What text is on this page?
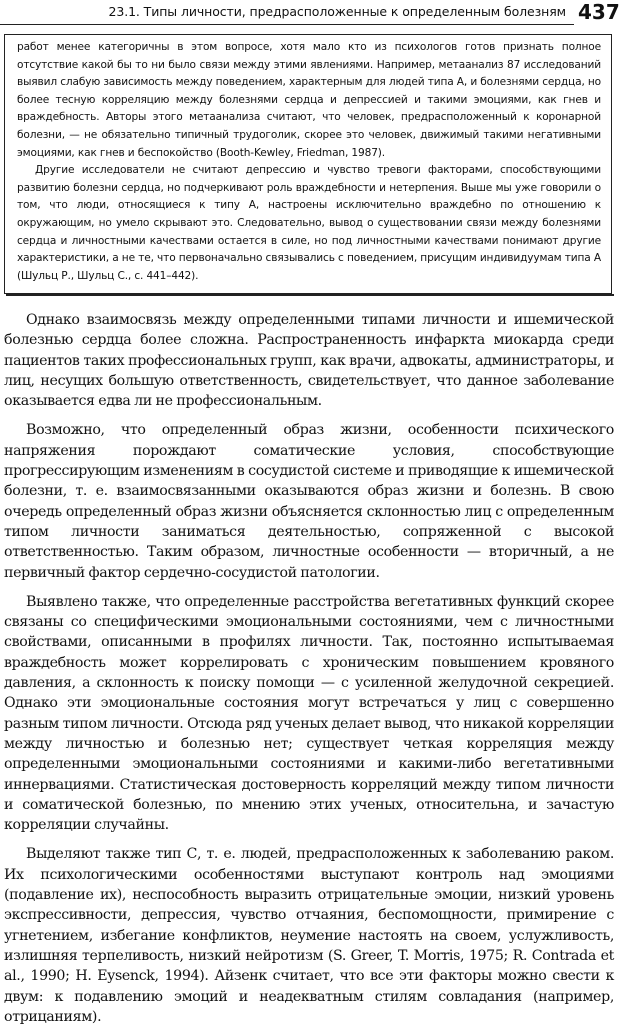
23.1. Типы личности, предрасположенные к определенным болезням 437

работ менее категоричны в этом вопросе, хотя мало кто из психологов готов признать полное отсутствие какой бы то ни было связи между этими явлениями. Например, метаанализ 87 исследований выявил слабую зависимость между поведением, характерным для людей типа А, и болезнями сердца, но более тесную корреляцию между болезнями сердца и депрессией и такими эмоциями, как гнев и враждебность. Авторы этого метаанализа считают, что человек, предрасположенный к коронарной болезни, — не обязательно типичный трудоголик, скорее это человек, движимый такими негативными эмоциями, как гнев и беспокойство (Booth-Kewley, Friedman, 1987).

Другие исследователи не считают депрессию и чувство тревоги факторами, способствующими развитию болезни сердца, но подчеркивают роль враждебности и нетерпения. Выше мы уже говорили о том, что люди, относящиеся к типу А, настроены исключительно враждебно по отношению к окружающим, но умело скрывают это. Следовательно, вывод о существовании связи между болезнями сердца и личностными качествами остается в силе, но под личностными качествами понимают другие характеристики, а не те, что первоначально связывались с поведением, присущим индивидуумам типа А (Шульц Р., Шульц С., с. 441–442).

Однако взаимосвязь между определенными типами личности и ишемической болезнью сердца более сложна. Распространенность инфаркта миокарда среди пациентов таких профессиональных групп, как врачи, адвокаты, администраторы, и лиц, несущих большую ответственность, свидетельствует, что данное заболевание оказывается едва ли не профессиональным.

Возможно, что определенный образ жизни, особенности психического напряжения порождают соматические условия, способствующие прогрессирующим изменениям в сосудистой системе и приводящие к ишемической болезни, т. е. взаимосвязанными оказываются образ жизни и болезнь. В свою очередь определенный образ жизни объясняется склонностью лиц с определенным типом личности заниматься деятельностью, сопряженной с высокой ответственностью. Таким образом, личностные особенности — вторичный, а не первичный фактор сердечно-сосудистой патологии.

Выявлено также, что определенные расстройства вегетативных функций скорее связаны со специфическими эмоциональными состояниями, чем с личностными свойствами, описанными в профилях личности. Так, постоянно испытываемая враждебность может коррелировать с хроническим повышением кровяного давления, а склонность к поиску помощи — с усиленной желудочной секрецией. Однако эти эмоциональные состояния могут встречаться у лиц с совершенно разным типом личности. Отсюда ряд ученых делает вывод, что никакой корреляции между личностью и болезнью нет; существует четкая корреляция между определенными эмоциональными состояниями и какими-либо вегетативными иннервациями. Статистическая достоверность корреляций между типом личности и соматической болезнью, по мнению этих ученых, относительна, и зачастую корреляции случайны.

Выделяют также тип С, т. е. людей, предрасположенных к заболеванию раком. Их психологическими особенностями выступают контроль над эмоциями (подавление их), неспособность выразить отрицательные эмоции, низкий уровень экспрессивности, депрессия, чувство отчаяния, беспомощности, примирение с угнетением, избегание конфликтов, неумение настоять на своем, услужливость, излишняя терпеливость, низкий нейротизм (S. Greer, T. Morris, 1975; R. Contrada et al., 1990; H. Eysenck, 1994). Айзенк считает, что все эти факторы можно свести к двум: к подавлению эмоций и неадекватным стилям совладания (например, отрицаниям).
